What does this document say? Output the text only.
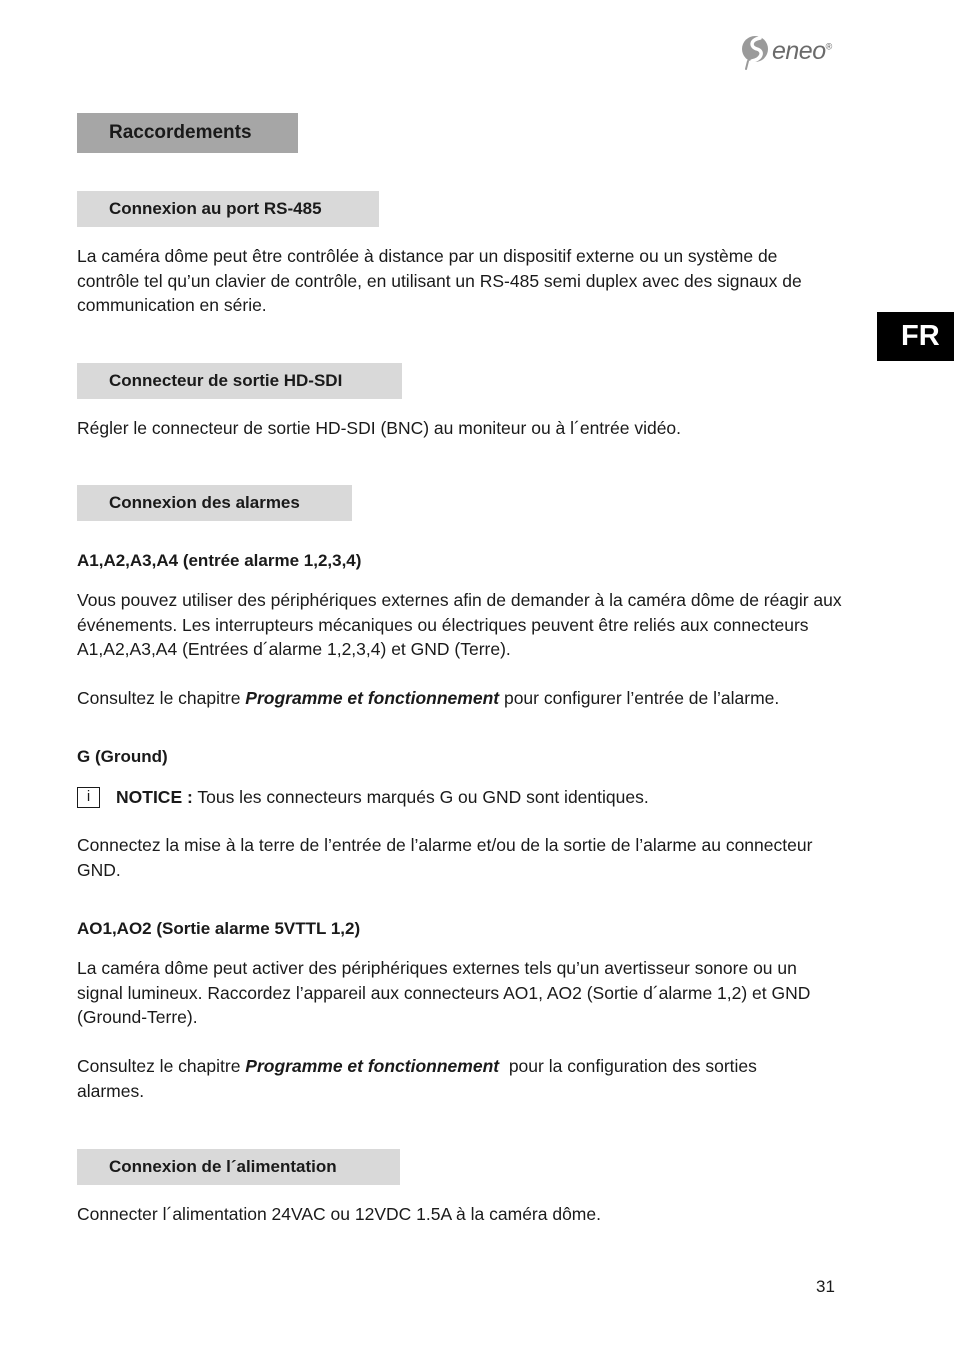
eneo®
Raccordements
FR
Connexion au port RS-485
La caméra dôme peut être contrôlée à distance par un dispositif externe ou un système de contrôle tel qu’un clavier de contrôle, en utilisant un RS-485 semi duplex avec des signaux de communication en série.
Connecteur de sortie HD-SDI
Régler le connecteur de sortie HD-SDI (BNC) au moniteur ou à l´entrée vidéo.
Connexion des alarmes
A1,A2,A3,A4 (entrée alarme 1,2,3,4)
Vous pouvez utiliser des périphériques externes afin de demander à la caméra dôme de réagir aux événements. Les interrupteurs mécaniques ou électriques peuvent être reliés aux connecteurs A1,A2,A3,A4 (Entrées d´alarme 1,2,3,4) et GND (Terre).
Consultez le chapitre Programme et fonctionnement pour configurer l’entrée de l’alarme.
G (Ground)
i	NOTICE : Tous les connecteurs marqués G ou GND sont identiques.
Connectez la mise à la terre de l’entrée de l’alarme et/ou de la sortie de l’alarme au connecteur GND.
AO1,AO2 (Sortie alarme 5VTTL 1,2)
La caméra dôme peut activer des périphériques externes tels qu’un avertisseur sonore ou un signal lumineux. Raccordez l’appareil aux connecteurs AO1, AO2 (Sortie d´alarme 1,2) et GND (Ground-Terre).
Consultez le chapitre Programme et fonctionnement  pour la configuration des sorties alarmes.
Connexion de l´alimentation
Connecter l´alimentation 24VAC ou 12VDC 1.5A à la caméra dôme.
31
